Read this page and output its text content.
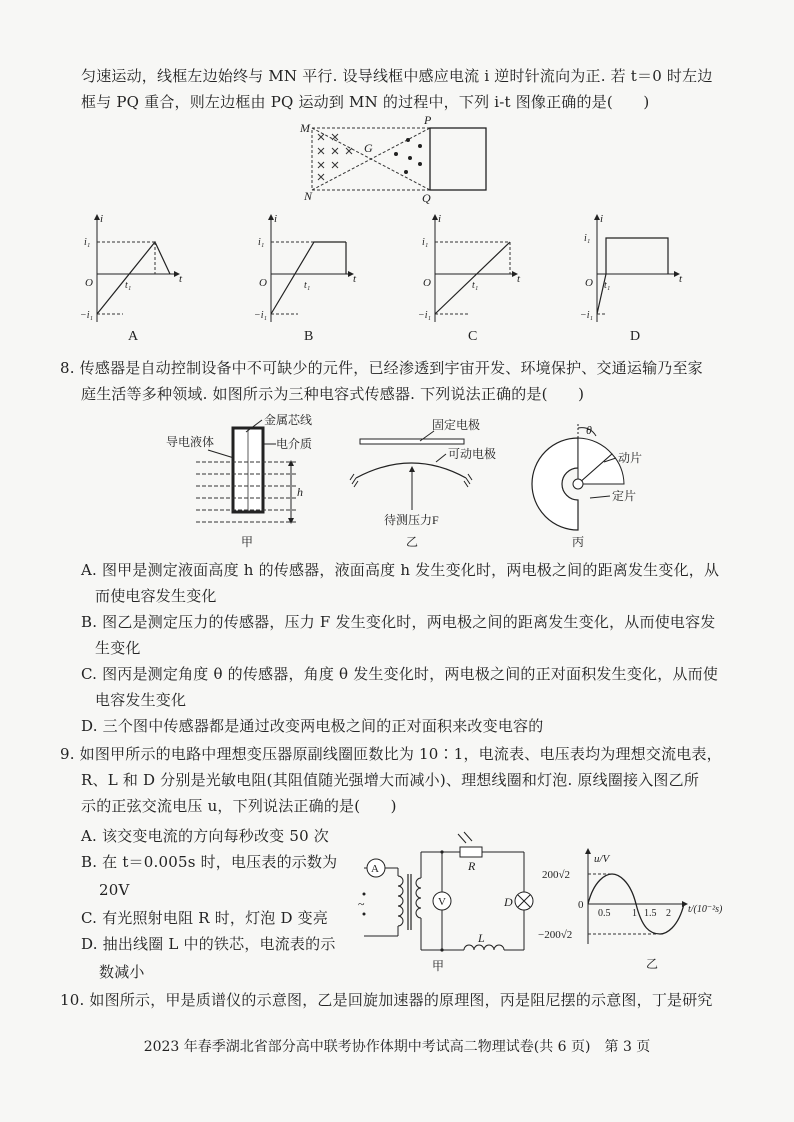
匀速运动，线框左边始终与 MN 平行. 设导线框中感应电流 i 逆时针流向为正. 若 t＝0 时左边
框与 PQ 重合，则左边框由 PQ 运动到 MN 的过程中，下列 i-t 图像正确的是(　　)
M
N
P
Q
G
i
t
O
i₁
−i₁
t₁
A
i
t
O
i₁
−i₁
t₁
B
i
t
O
i₁
−i₁
t₁
C
i
t
O
i₁
−i₁
t₁
D
8. 传感器是自动控制设备中不可缺少的元件，已经渗透到宇宙开发、环境保护、交通运输乃至家
庭生活等多种领域. 如图所示为三种电容式传感器. 下列说法正确的是(　　)
金属芯线
导电液体	电介质
h
甲
固定电极
可动电极
待测压力F
乙
θ
动片
定片
丙
A. 图甲是测定液面高度 h 的传感器，液面高度 h 发生变化时，两电极之间的距离发生变化，从
而使电容发生变化
B. 图乙是测定压力的传感器，压力 F 发生变化时，两电极之间的距离发生变化，从而使电容发
生变化
C. 图丙是测定角度 θ 的传感器，角度 θ 发生变化时，两电极之间的正对面积发生变化，从而使
电容发生变化
D. 三个图中传感器都是通过改变两电极之间的正对面积来改变电容的
9. 如图甲所示的电路中理想变压器原副线圈匝数比为 10∶1，电流表、电压表均为理想交流电表，
R、L 和 D 分别是光敏电阻(其阻值随光强增大而减小)、理想线圈和灯泡. 原线圈接入图乙所
示的正弦交流电压 u，下列说法正确的是(　　)
A. 该交变电流的方向每秒改变 50 次
B. 在 t＝0.005s 时，电压表的示数为
20V
C. 有光照射电阻 R 时，灯泡 D 变亮
D. 抽出线圈 L 中的铁芯，电流表的示
数减小
A
~
R
L
D
V
甲
u/V
200√2
−200√2
0
0.5 1 1.5 2 t/(10⁻²s)
乙
10. 如图所示，甲是质谱仪的示意图，乙是回旋加速器的原理图，丙是阻尼摆的示意图，丁是研究
2023 年春季湖北省部分高中联考协作体期中考试高二物理试卷(共 6 页)　第 3 页
